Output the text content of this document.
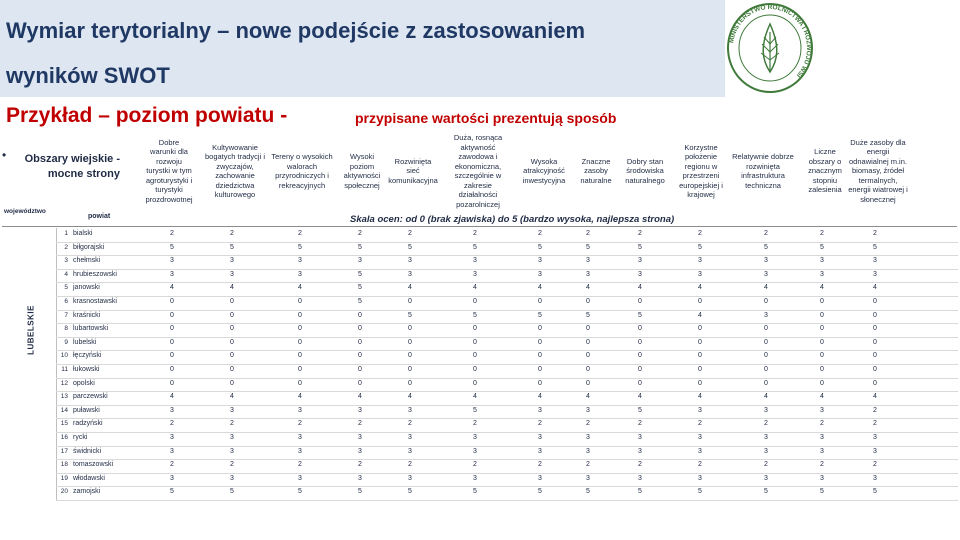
Wymiar terytorialny – nowe podejście z zastosowaniem
wyników SWOT
MINISTERSTWO ROLNICTWA I ROZWOJU WSI
Przykład – poziom powiatu -	przypisane wartości prezentują sposób
•	Obszary wiejskie - mocne strony
Dobre warunki dla rozwoju turystki w tym agroturystyki i turystyki prozdrowotnej
Kultywowanie bogatych tradycji i zwyczajów, zachowanie dziedzictwa kulturowego
Tereny o wysokich walorach przyrodniczych i rekreacyjnych
Wysoki poziom aktywności społecznej
Rozwinięta sieć komunikacyjna
Duża, rosnąca aktywność zawodowa i ekonomiczna, szczególnie w zakresie działalności pozarolniczej
Wysoka atrakcyjność inwestycyjna
Znaczne zasoby naturalne
Dobry stan środowiska naturalnego
Korzystne położenie regionu w przestrzeni europejskiej i krajowej
Relatywnie dobrze rozwinięta infrastruktura techniczna
Liczne obszary o znacznym stopniu zalesienia
Duże zasoby dla energii odnawialnej m.in. biomasy, źródeł termalnych, energii wiatrowej i słonecznej
województwo
powiat	Skala ocen: od 0 (brak zjawiska) do 5 (bardzo wysoka, najlepsza strona)
LUBELSKIE
1 bialski	2	2	2	2	2	2	2	2	2	2	2	2	2
2 biłgorajski	5	5	5	5	5	5	5	5	5	5	5	5	5
3 chełmski	3	3	3	3	3	3	3	3	3	3	3	3	3
4 hrubieszowski	3	3	3	5	3	3	3	3	3	3	3	3	3
5 janowski	4	4	4	5	4	4	4	4	4	4	4	4	4
6 krasnostawski	0	0	0	5	0	0	0	0	0	0	0	0	0
7 kraśnicki	0	0	0	0	5	5	5	5	5	4	3	0	0
8 lubartowski	0	0	0	0	0	0	0	0	0	0	0	0	0
9 lubelski	0	0	0	0	0	0	0	0	0	0	0	0	0
10 łęczyński	0	0	0	0	0	0	0	0	0	0	0	0	0
11 łukowski	0	0	0	0	0	0	0	0	0	0	0	0	0
12 opolski	0	0	0	0	0	0	0	0	0	0	0	0	0
13 parczewski	4	4	4	4	4	4	4	4	4	4	4	4	4
14 puławski	3	3	3	3	3	5	3	3	5	3	3	3	2
15 radzyński	2	2	2	2	2	2	2	2	2	2	2	2	2
16 rycki	3	3	3	3	3	3	3	3	3	3	3	3	3
17 świdnicki	3	3	3	3	3	3	3	3	3	3	3	3	3
18 tomaszowski	2	2	2	2	2	2	2	2	2	2	2	2	2
19 włodawski	3	3	3	3	3	3	3	3	3	3	3	3	3
20 zamojski	5	5	5	5	5	5	5	5	5	5	5	5	5
